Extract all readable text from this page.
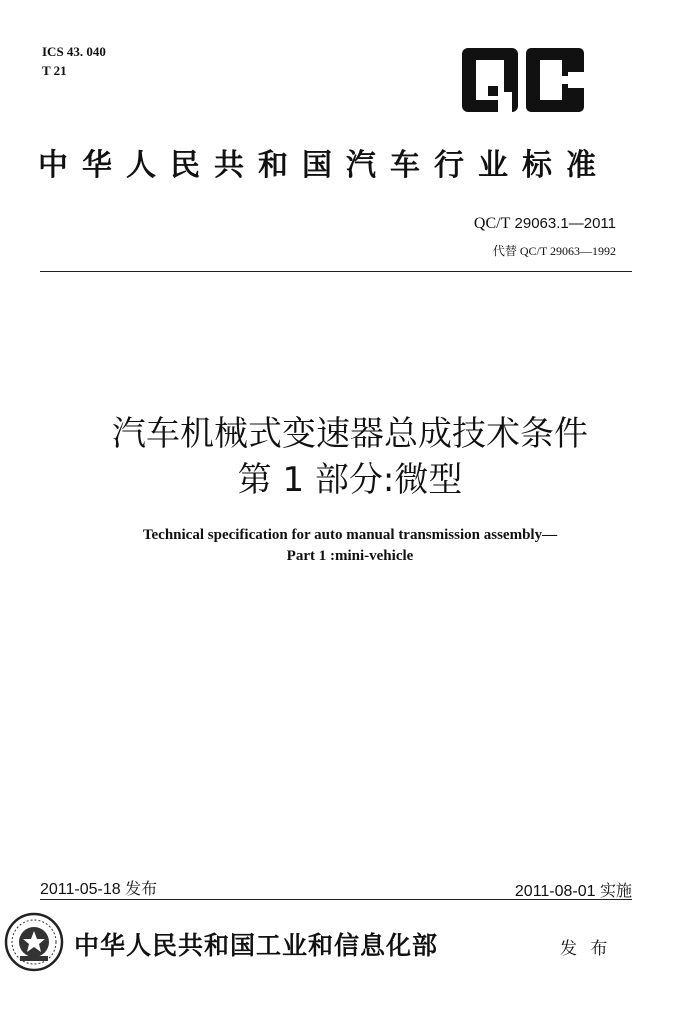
ICS 43. 040
T 21
中华人民共和国汽车行业标准
QC/T 29063.1—2011
代替 QC/T 29063—1992
汽车机械式变速器总成技术条件
第 1 部分:微型
Technical specification for auto manual transmission assembly—
Part 1 :mini-vehicle
2011-05-18 发布	2011-08-01 实施
中华人民共和国工业和信息化部	发 布
